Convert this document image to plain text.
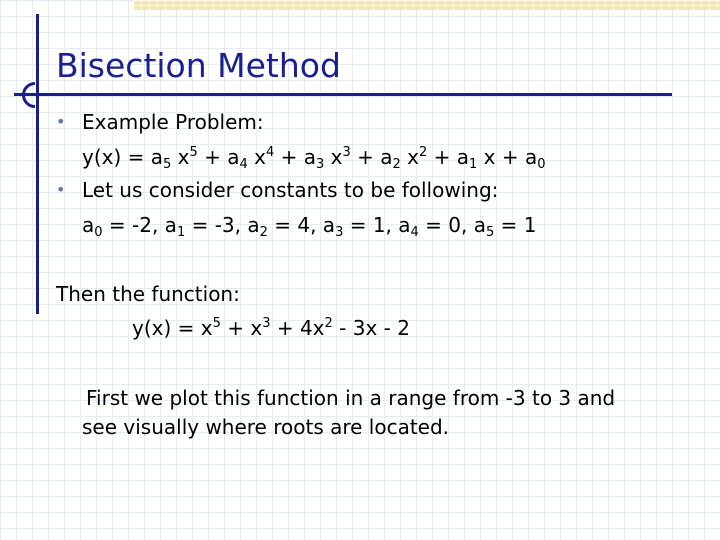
Bisection Method
• Example Problem:
$y(x) = a_5$ $x^5 + a_4$ $x^4 + a_3$ $x^3 + a_2$ $x^2 + a_1$ $x + a_0$
• Let us consider constants to be following:
$a_0 = -2$, $a_1 = -3$, $a_2 = 4$, $a_3 = 1$, $a_4 = 0$, $a_5 = 1$
Then the function:
$y(x) = x^5 + x^3 + 4x^2 - 3x - 2$
First we plot this function in a range from -3 to 3 and
see visually where roots are located.
